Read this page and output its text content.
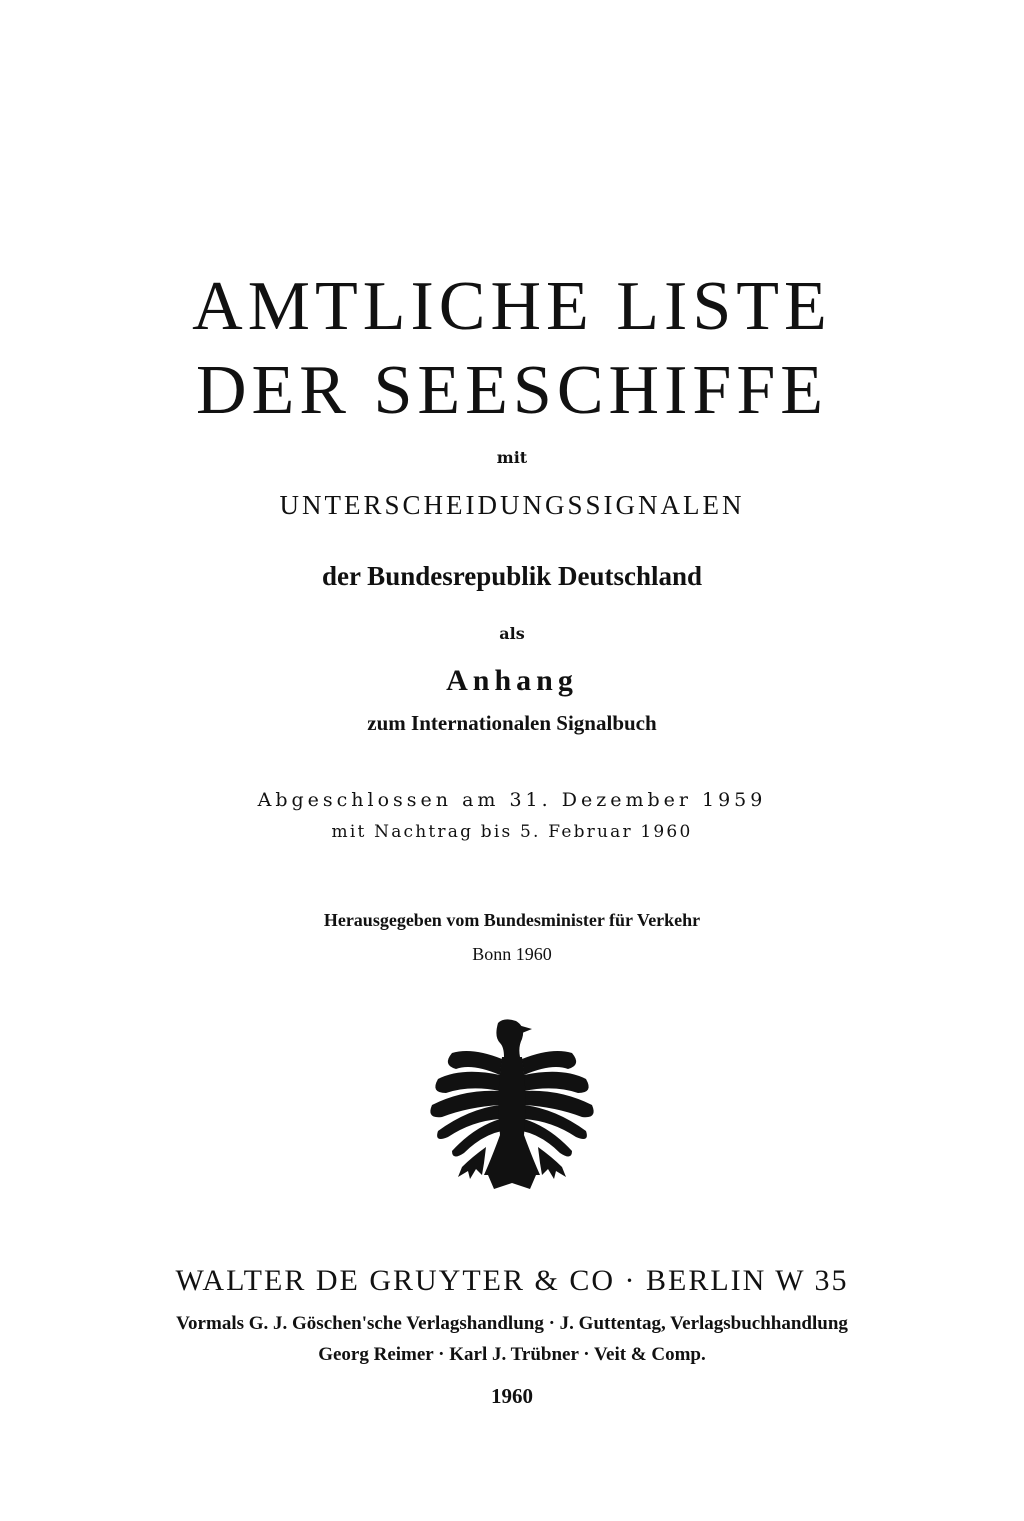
AMTLICHE LISTE
DER SEESCHIFFE
mit
UNTERSCHEIDUNGSSIGNALEN
der Bundesrepublik Deutschland
als
Anhang
zum Internationalen Signalbuch
Abgeschlossen am 31. Dezember 1959
mit Nachtrag bis 5. Februar 1960
Herausgegeben vom Bundesminister für Verkehr
Bonn 1960
WALTER DE GRUYTER & CO · BERLIN W 35
Vormals G. J. Göschen'sche Verlagshandlung · J. Guttentag, Verlagsbuchhandlung
Georg Reimer · Karl J. Trübner · Veit & Comp.
1960
